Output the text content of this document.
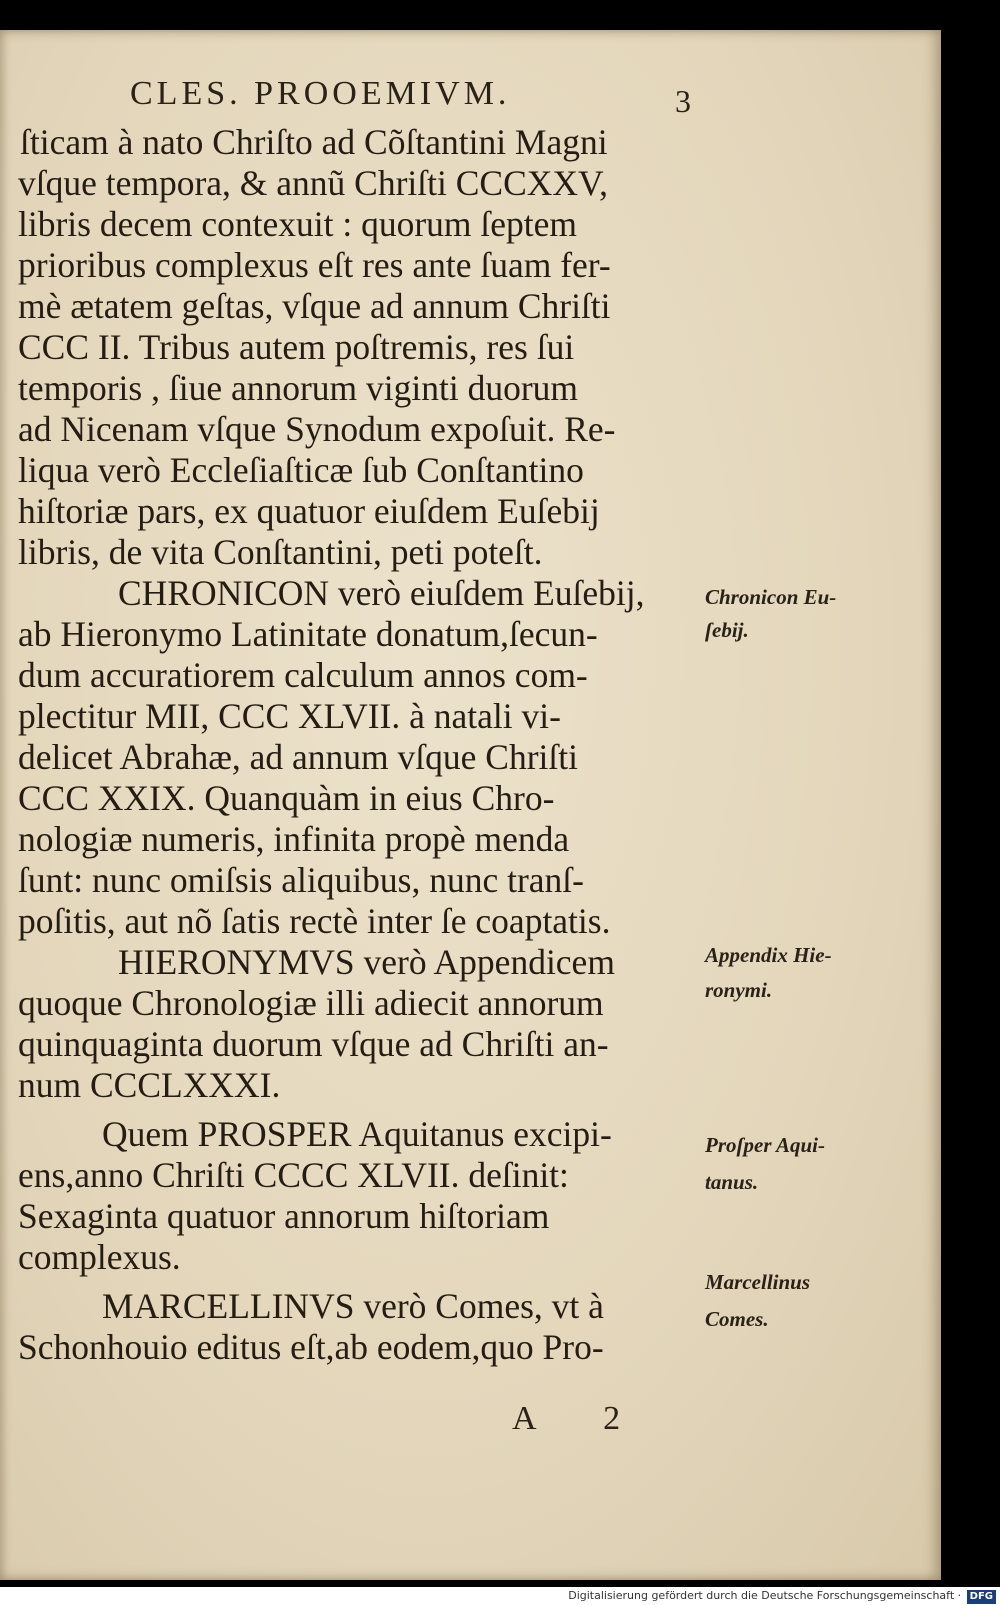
CLES. PROOEMIVM.	3
ſticam à nato Chriſto ad Cõſtantini Magni
vſque tempora, & annũ Chriſti CCCXXV,
libris decem contexuit : quorum ſeptem
prioribus complexus eſt res ante ſuam fer-
mè ætatem geſtas, vſque ad annum Chriſti
CCC II. Tribus autem poſtremis, res ſui
temporis , ſiue annorum viginti duorum
ad Nicenam vſque Synodum expoſuit. Re-
liqua verò Eccleſiaſticæ ſub Conſtantino
hiſtoriæ pars, ex quatuor eiuſdem Euſebij
libris, de vita Conſtantini, peti poteſt.
CHRONICON verò eiuſdem Euſebij,
ab Hieronymo Latinitate donatum,ſecun-
dum accuratiorem calculum annos com-
plectitur MII, CCC XLVII. à natali vi-
delicet Abrahæ, ad annum vſque Chriſti
CCC XXIX. Quanquàm in eius Chro-
nologiæ numeris, infinita propè menda
ſunt: nunc omiſsis aliquibus, nunc tranſ-
poſitis, aut nõ ſatis rectè inter ſe coaptatis.
HIERONYMVS verò Appendicem
quoque Chronologiæ illi adiecit annorum
quinquaginta duorum vſque ad Chriſti an-
num CCCLXXXI.
Quem PROSPER Aquitanus excipi-
ens,anno Chriſti CCCC XLVII. deſinit:
Sexaginta quatuor annorum hiſtoriam
complexus.
MARCELLINVS verò Comes, vt à
Schonhouio editus eſt,ab eodem,quo Pro-
Chronicon Eu-
ſebij.
Appendix Hie-
ronymi.
Proſper Aqui-
tanus.
Marcellinus
Comes.
A 2
Digitalisierung gefördert durch die Deutsche Forschungsgemeinschaft · DFG
